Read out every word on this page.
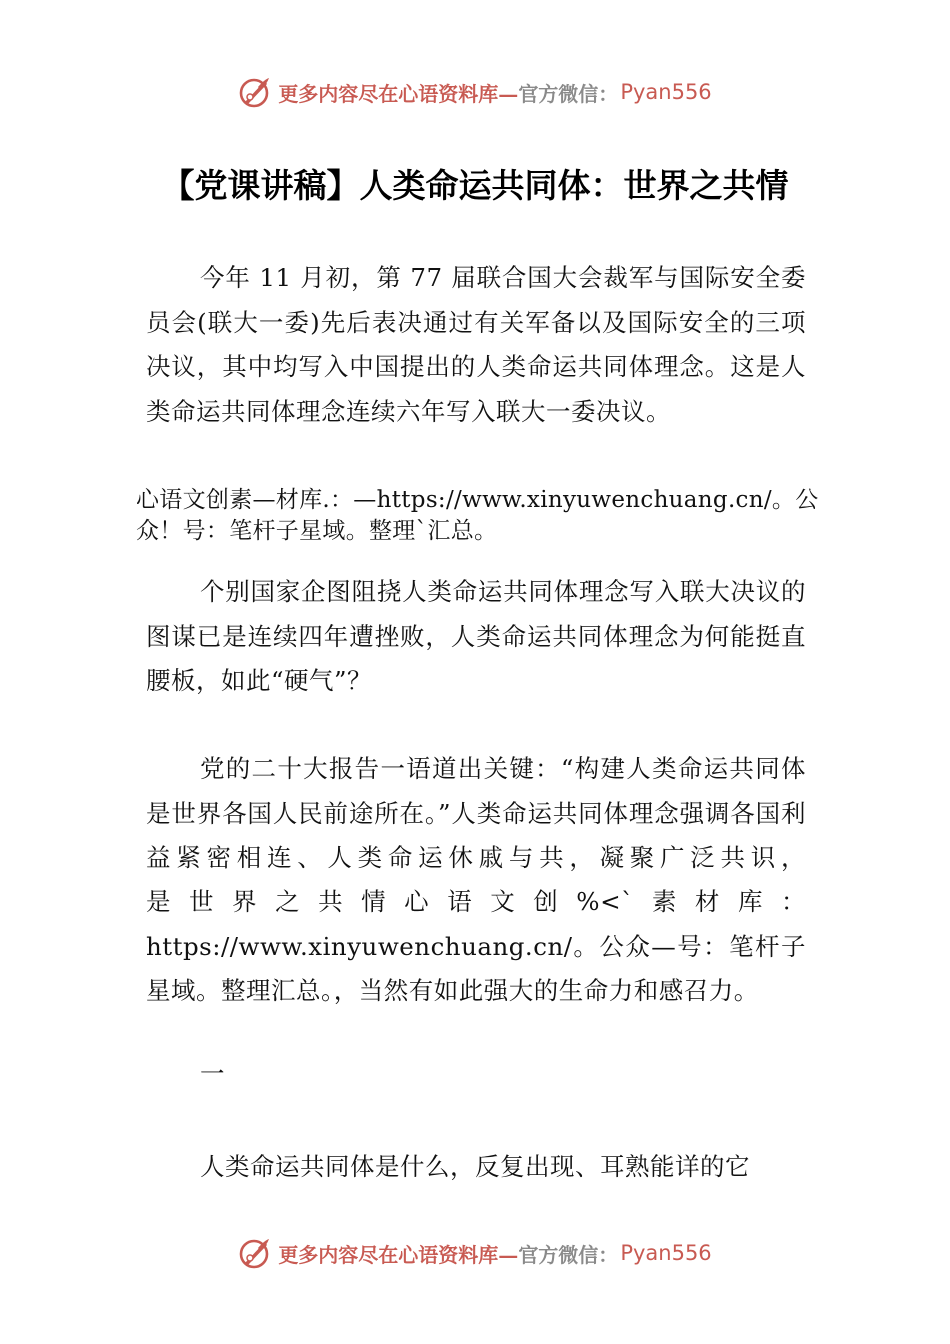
更多内容尽在心语资料库— 官方微信： Pyan556
【党课讲稿】人类命运共同体：世界之共情

今年 11 月初，第 77 届联合国大会裁军与国际安全委员会(联大一委)先后表决通过有关军备以及国际安全的三项决议，其中均写入中国提出的人类命运共同体理念。这是人类命运共同体理念连续六年写入联大一委决议。

心语文创素—材库.：—https://www.xinyuwenchuang.cn/。公众！号：笔杆子星域。整理`汇总。

个别国家企图阻挠人类命运共同体理念写入联大决议的图谋已是连续四年遭挫败，人类命运共同体理念为何能挺直腰板，如此“硬气”？

党的二十大报告一语道出关键：“构建人类命运共同体是世界各国人民前途所在。”人类命运共同体理念强调各国利益紧密相连、人类命运休戚与共，凝聚广泛共识，

是世界之共情心语文创%<`素材库：https://www.xinyuwenchuang.cn/。公众—号：笔杆子星域。整理汇总。，当然有如此强大的生命力和感召力。

一

人类命运共同体是什么，反复出现、耳熟能详的它

更多内容尽在心语资料库— 官方微信： Pyan556
